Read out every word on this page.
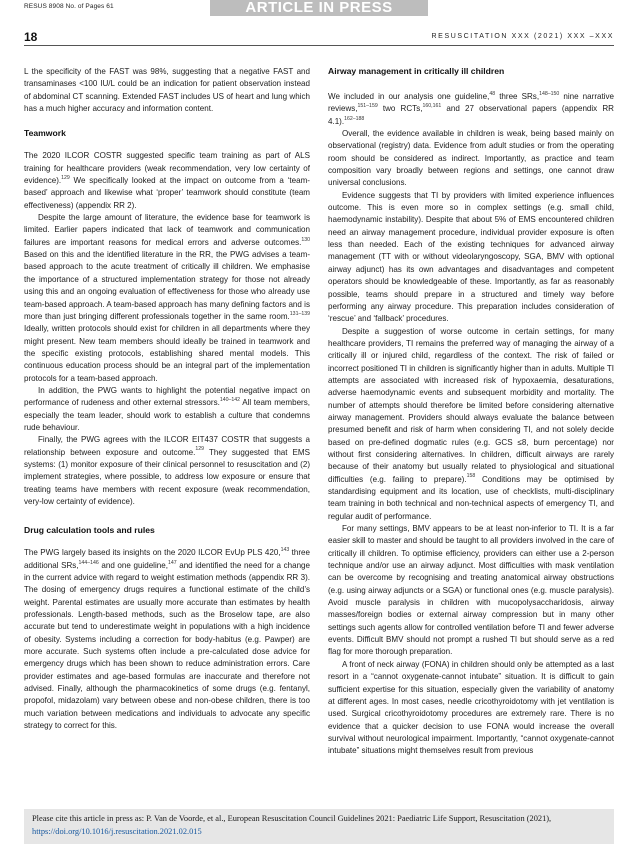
RESUS 8908 No. of Pages 61	ARTICLE IN PRESS
18	RESUSCITATION XXX (2021) XXX –XXX

L the specificity of the FAST was 98%, suggesting that a negative FAST and transaminases <100 IU/L could be an indication for patient observation instead of abdominal CT scanning. Extended FAST includes US of heart and lung which has a much higher accuracy and information content.

Teamwork

The 2020 ILCOR COSTR suggested specific team training as part of ALS training for healthcare providers (weak recommendation, very low certainty of evidence).$^{129}$ We specifically looked at the impact on outcome from a ‘team-based’ approach and likewise what ‘proper’ teamwork should constitute (team effectiveness) (appendix RR 2).

Despite the large amount of literature, the evidence base for teamwork is limited. Earlier papers indicated that lack of teamwork and communication failures are important reasons for medical errors and adverse outcomes.$^{130}$ Based on this and the identified literature in the RR, the PWG advises a team-based approach to the acute treatment of critically ill children. We emphasise the importance of a structured implementation strategy for those not already using this and an ongoing evaluation of effectiveness for those who already use team-based approach. A team-based approach has many defining factors and is more than just bringing different professionals together in the same room.$^{131-139}$ Ideally, written protocols should exist for children in all departments where they might present. New team members should ideally be trained in teamwork and the specific existing protocols, establishing shared mental models. This continuous education process should be an integral part of the implementation protocols for a team-based approach.

In addition, the PWG wants to highlight the potential negative impact on performance of rudeness and other external stressors.$^{140-142}$ All team members, especially the team leader, should work to establish a culture that condemns rude behaviour.

Finally, the PWG agrees with the ILCOR EIT437 COSTR that suggests a relationship between exposure and outcome.$^{129}$ They suggested that EMS systems: (1) monitor exposure of their clinical personnel to resuscitation and (2) implement strategies, where possible, to address low exposure or ensure that treating teams have members with recent exposure (weak recommendation, very-low certainty of evidence).

Drug calculation tools and rules

The PWG largely based its insights on the 2020 ILCOR EvUp PLS 420,$^{143}$ three additional SRs,$^{144-146}$ and one guideline,$^{147}$ and identified the need for a change in the current advice with regard to weight estimation methods (appendix RR 3). The dosing of emergency drugs requires a functional estimate of the child’s weight. Parental estimates are usually more accurate than estimates by health professionals. Length-based methods, such as the Broselow tape, are also accurate but tend to underestimate weight in populations with a high incidence of obesity. Systems including a correction for body-habitus (e.g. Pawper) are more accurate. Such systems often include a pre-calculated dose advice for emergency drugs which has been shown to reduce administration errors. Care provider estimates and age-based formulas are inaccurate and therefore not advised. Finally, although the pharmacokinetics of some drugs (e.g. fentanyl, propofol, midazolam) vary between obese and non-obese children, there is too much variation between medications and individuals to advocate any specific strategy to correct for this.

Airway management in critically ill children

We included in our analysis one guideline,$^{48}$ three SRs,$^{148-150}$ nine narrative reviews,$^{151-159}$ two RCTs,$^{160,161}$ and 27 observational papers (appendix RR 4.1).$^{162-188}$

Overall, the evidence available in children is weak, being based mainly on observational (registry) data. Evidence from adult studies or from the operating room should be considered as indirect. Importantly, as practice and team composition vary broadly between regions and settings, one cannot draw universal conclusions.

Evidence suggests that TI by providers with limited experience influences outcome. This is even more so in complex settings (e.g. small child, haemodynamic instability). Despite that about 5% of EMS encountered children need an airway management procedure, individual provider exposure is often less than needed. Each of the existing techniques for advanced airway management (TT with or without videolaryngoscopy, SGA, BMV with optional airway adjunct) has its own advantages and disadvantages and competent operators should be knowledgeable of these. Importantly, as far as reasonably possible, teams should prepare in a structured and timely way before performing any airway procedure. This preparation includes consideration of ‘rescue’ and ‘fallback’ procedures.

Despite a suggestion of worse outcome in certain settings, for many healthcare providers, TI remains the preferred way of managing the airway of a critically ill or injured child, regardless of the context. The risk of failed or incorrect positioned TI in children is significantly higher than in adults. Multiple TI attempts are associated with increased risk of hypoxaemia, desaturations, adverse haemodynamic events and subsequent morbidity and mortality. The number of attempts should therefore be limited before considering alternative airway management. Providers should always evaluate the balance between presumed benefit and risk of harm when considering TI, and not solely decide based on pre-defined dogmatic rules (e.g. GCS ≤8, burn percentage) nor without first considering alternatives. In children, difficult airways are rarely because of their anatomy but usually related to physiological and situational difficulties (e.g. failing to prepare).$^{158}$ Conditions may be optimised by standardising equipment and its location, use of checklists, multi-disciplinary team training in both technical and non-technical aspects of emergency TI, and regular audit of performance.

For many settings, BMV appears to be at least non-inferior to TI. It is a far easier skill to master and should be taught to all providers involved in the care of critically ill children. To optimise efficiency, providers can either use a 2-person technique and/or use an airway adjunct. Most difficulties with mask ventilation can be overcome by recognising and treating anatomical airway obstructions (e.g. using airway adjuncts or a SGA) or functional ones (e.g. muscle paralysis). Avoid muscle paralysis in children with mucopolysaccharidosis, airway masses/foreign bodies or external airway compression but in many other settings such agents allow for controlled ventilation before TI and fewer adverse events. Difficult BMV should not prompt a rushed TI but should serve as a red flag for more thorough preparation.

A front of neck airway (FONA) in children should only be attempted as a last resort in a “cannot oxygenate-cannot intubate” situation. It is difficult to gain sufficient expertise for this situation, especially given the variability of anatomy at different ages. In most cases, needle cricothyroidotomy with jet ventilation is used. Surgical cricothyroidotomy procedures are extremely rare. There is no evidence that a quicker decision to use FONA would increase the overall survival without neurological impairment. Importantly, “cannot oxygenate-cannot intubate” situations might themselves result from previous

Please cite this article in press as: P. Van de Voorde, et al., European Resuscitation Council Guidelines 2021: Paediatric Life Support, Resuscitation (2021), https://doi.org/10.1016/j.resuscitation.2021.02.015
